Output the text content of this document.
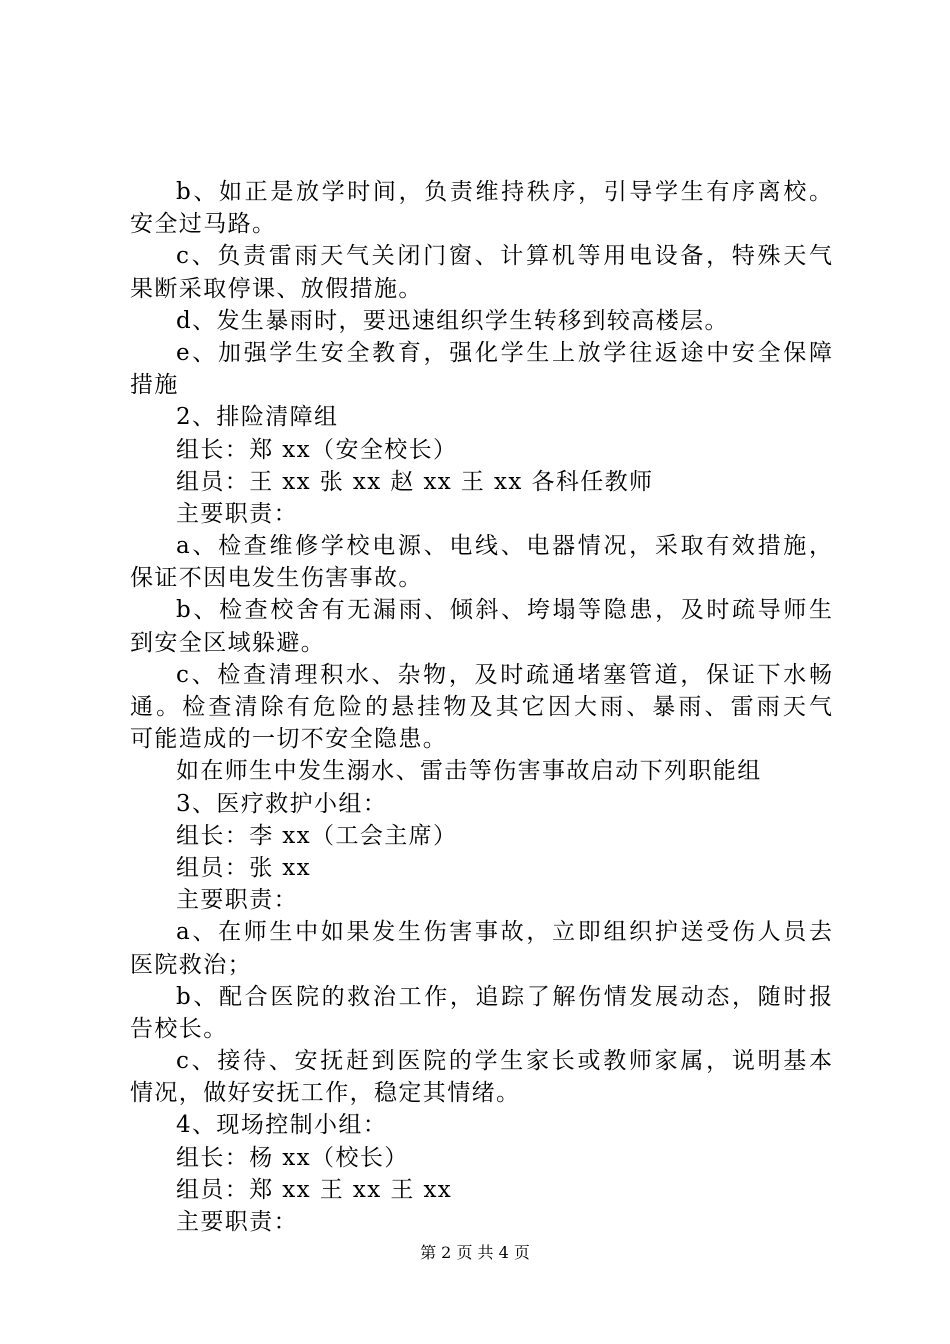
b、如正是放学时间，负责维持秩序，引导学生有序离校。
安全过马路。
c、负责雷雨天气关闭门窗、计算机等用电设备，特殊天气
果断采取停课、放假措施。
d、发生暴雨时，要迅速组织学生转移到较高楼层。
e、加强学生安全教育，强化学生上放学往返途中安全保障
措施
2、排险清障组
组长：郑 xx（安全校长）
组员：王 xx 张 xx 赵 xx 王 xx 各科任教师
主要职责：
a、检查维修学校电源、电线、电器情况，采取有效措施，
保证不因电发生伤害事故。
b、检查校舍有无漏雨、倾斜、垮塌等隐患，及时疏导师生
到安全区域躲避。
c、检查清理积水、杂物，及时疏通堵塞管道，保证下水畅
通。检查清除有危险的悬挂物及其它因大雨、暴雨、雷雨天气
可能造成的一切不安全隐患。
如在师生中发生溺水、雷击等伤害事故启动下列职能组
3、医疗救护小组：
组长：李 xx（工会主席）
组员：张 xx
主要职责：
a、在师生中如果发生伤害事故，立即组织护送受伤人员去
医院救治；
b、配合医院的救治工作，追踪了解伤情发展动态，随时报
告校长。
c、接待、安抚赶到医院的学生家长或教师家属，说明基本
情况，做好安抚工作，稳定其情绪。
4、现场控制小组：
组长：杨 xx（校长）
组员：郑 xx 王 xx 王 xx
主要职责：
第 2 页 共 4 页
